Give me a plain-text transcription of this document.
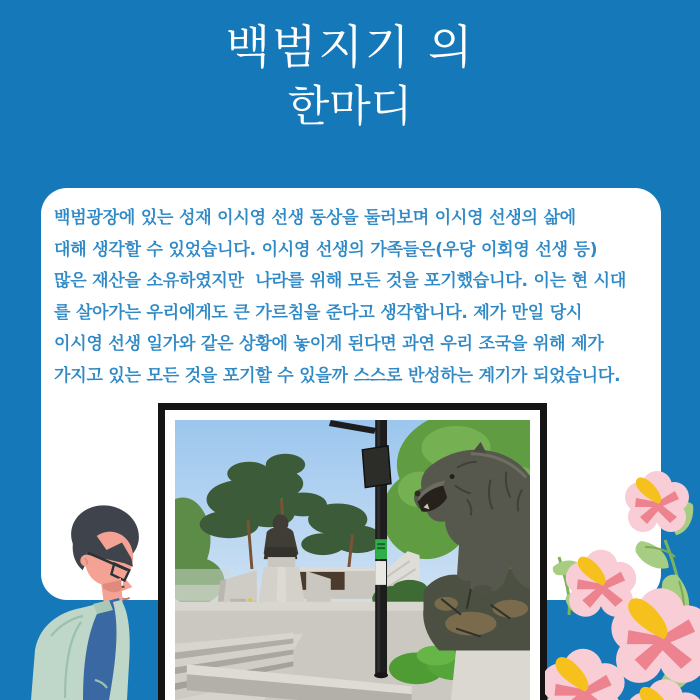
백범지기 의
한마디
백범광장에 있는 성재 이시영 선생 동상을 둘러보며 이시영 선생의 삶에
대해 생각할 수 있었습니다. 이시영 선생의 가족들은(우당 이회영 선생 등)
많은 재산을 소유하였지만  나라를 위해 모든 것을 포기했습니다. 이는 현 시대
를 살아가는 우리에게도 큰 가르침을 준다고 생각합니다. 제가 만일 당시
이시영 선생 일가와 같은 상황에 놓이게 된다면 과연 우리 조국을 위해 제가
가지고 있는 모든 것을 포기할 수 있을까 스스로 반성하는 계기가 되었습니다.
